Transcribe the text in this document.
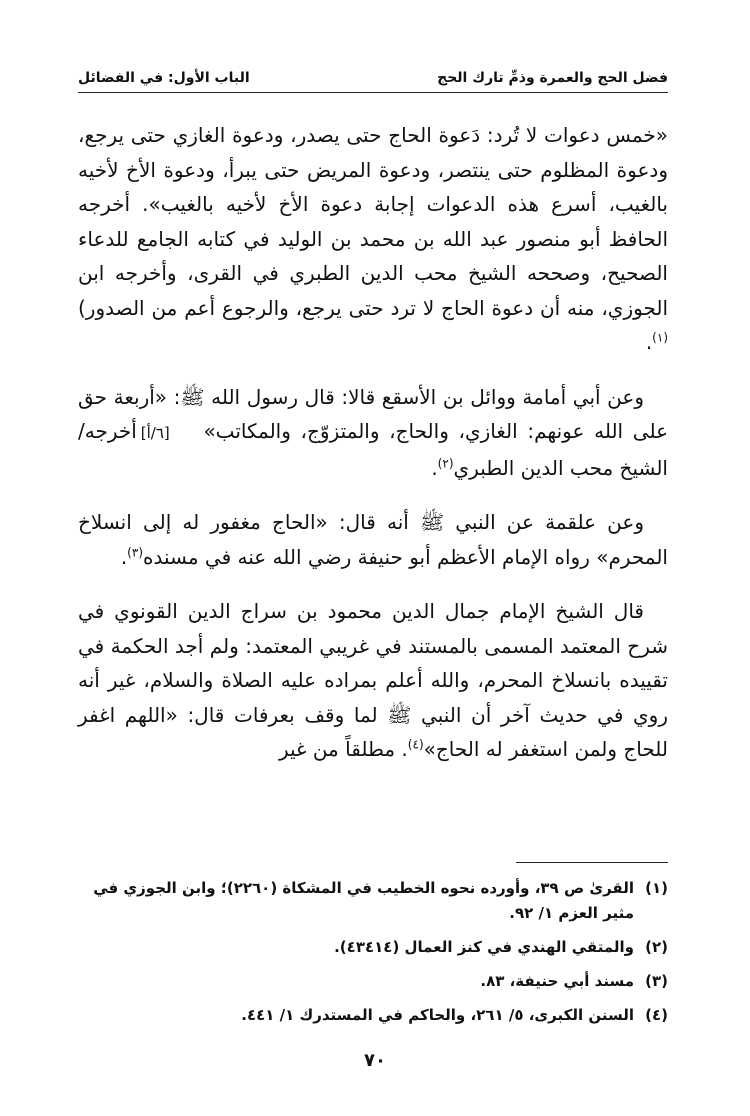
فضل الحج والعمرة وذمِّ تارك الحج
الباب الأول: في الفضائل

«خمس دعوات لا تُرد: دَعوة الحاج حتى يصدر، ودعوة الغازي حتى يرجع، ودعوة المظلوم حتى ينتصر، ودعوة المريض حتى يبرأ، ودعوة الأخ لأخيه بالغيب، أسرع هذه الدعوات إجابة دعوة الأخ لأخيه بالغيب». أخرجه الحافظ أبو منصور عبد الله بن محمد بن الوليد في كتابه الجامع للدعاء الصحيح، وصححه الشيخ محب الدين الطبري في القرى، وأخرجه ابن الجوزي، منه أن دعوة الحاج لا ترد حتى يرجع، والرجوع أعم من الصدور)$^{(١)}$.

وعن أبي أمامة ووائل بن الأسقع قالا: قال رسول الله ﷺ: «أربعة حق على الله عونهم: الغازي، والحاج، والمتزوّج، والمكاتب» [٦/أ]أخرجه/ الشيخ محب الدين الطبري$^{(٢)}$.

وعن علقمة عن النبي ﷺ أنه قال: «الحاج مغفور له إلى انسلاخ المحرم» رواه الإمام الأعظم أبو حنيفة رضي الله عنه في مسنده$^{(٣)}$.

قال الشيخ الإمام جمال الدين محمود بن سراج الدين القونوي في شرح المعتمد المسمى بالمستند في غريبي المعتمد: ولم أجد الحكمة في تقييده بانسلاخ المحرم، والله أعلم بمراده عليه الصلاة والسلام، غير أنه روي في حديث آخر أن النبي ﷺ لما وقف بعرفات قال: «اللهم اغفر للحاج ولمن استغفر له الحاج»$^{(٤)}$. مطلقاً من غير

(١)
القرىٰ ص ٣٩، وأورده نحوه الخطيب في المشكاة (٢٢٦٠)؛ وابن الجوزي في مثير العزم ١/ ٩٢.
(٢)
والمتقي الهندي في كنز العمال (٤٣٤١٤).
(٣)
مسند أبي حنيفة، ٨٣.
(٤)
السنن الكبرى، ٥/ ٢٦١، والحاكم في المستدرك ١/ ٤٤١.
٧٠
